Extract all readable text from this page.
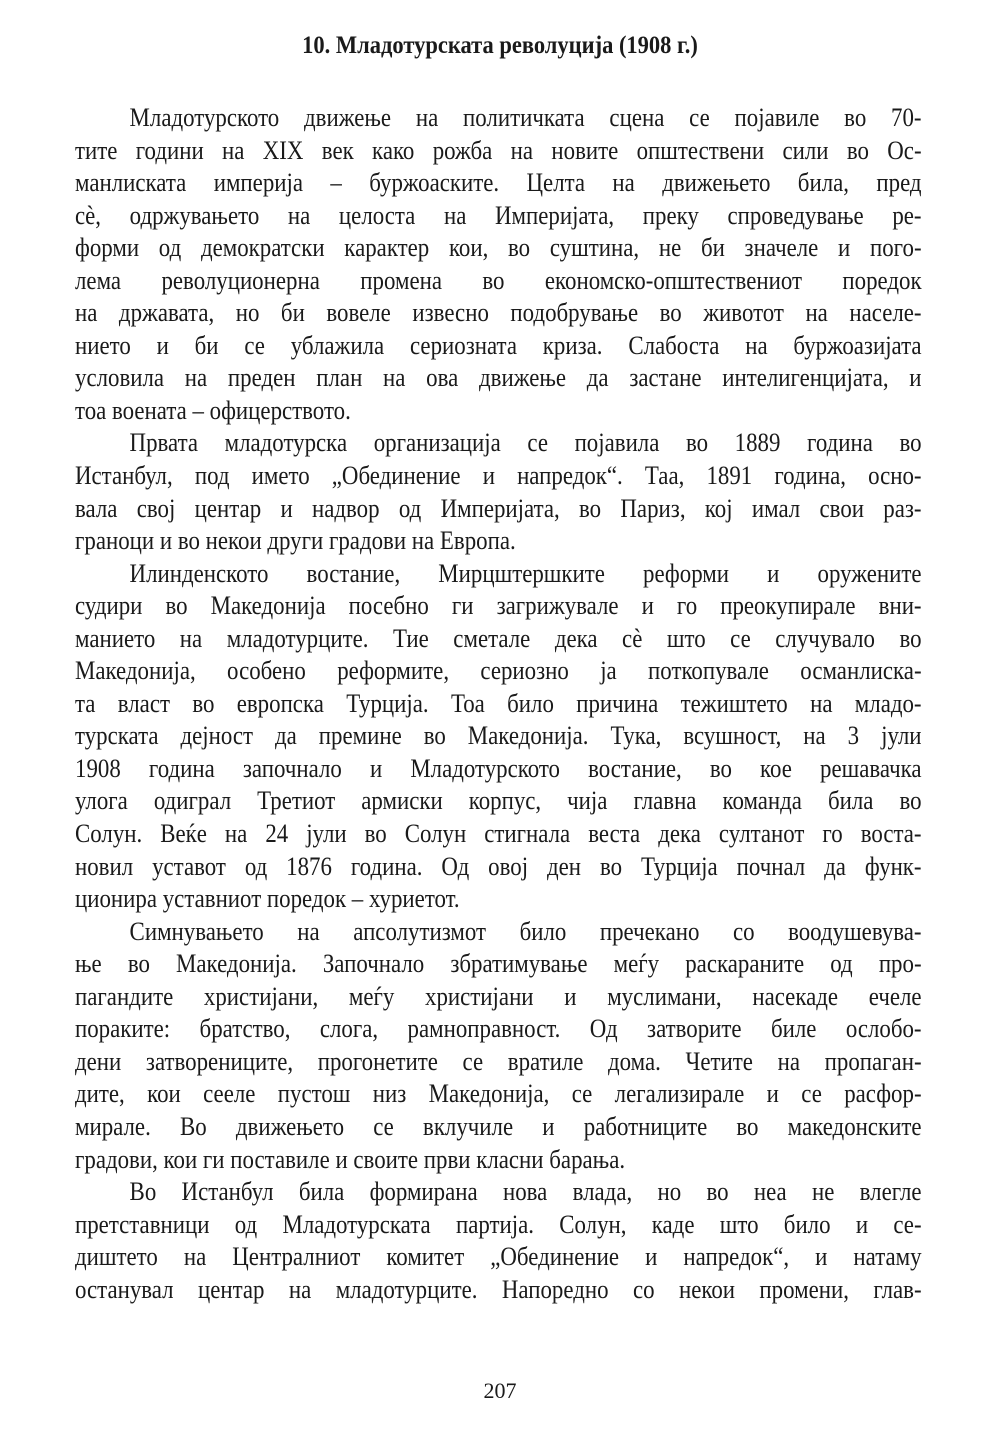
10. Младотурската револуција (1908 г.)
Младотурското движење на политичката сцена се појавиле во 70-
тите години на XIX век како рожба на новите општествени сили во Ос-
манлиската империја – буржоаските. Целта на движењето била, пред
сè, одржувањето на целоста на Империјата, преку спроведување ре-
форми од демократски карактер кои, во суштина, не би значеле и пого-
лема револуционерна промена во економско-општествениот поредок
на државата, но би вовеле извесно подобрување во животот на населе-
нието и би се ублажила сериозната криза. Слабоста на буржоазијата
условила на преден план на ова движење да застане интелигенцијата, и
тоа воената – офицерството.
Првата младотурска организација се појавила во 1889 година во
Истанбул, под името „Обединение и напредок“. Таа, 1891 година, осно-
вала свој центар и надвор од Империјата, во Париз, кој имал свои раз-
граноци и во некои други градови на Европа.
Илинденското востание, Мирцштершките реформи и оружените
судири во Македонија посебно ги загрижувале и го преокупирале вни-
манието на младотурците. Тие сметале дека сè што се случувало во
Македонија, особено реформите, сериозно ја поткопувале османлиска-
та власт во европска Турција. Тоа било причина тежиштето на младо-
турската дејност да премине во Македонија. Тука, всушност, на 3 јули
1908 година започнало и Младотурското востание, во кое решавачка
улога одиграл Третиот армиски корпус, чија главна команда била во
Солун. Веќе на 24 јули во Солун стигнала веста дека султанот го воста-
новил уставот од 1876 година. Од овој ден во Турција почнал да функ-
ционира уставниот поредок – хуриетот.
Симнувањето на апсолутизмот било пречекано со воодушевува-
ње во Македонија. Започнало збратимување меѓу раскараните од про-
пагандите христијани, меѓу христијани и муслимани, насекаде ечеле
пораките: братство, слога, рамноправност. Од затворите биле ослобо-
дени затворениците, прогонетите се вратиле дома. Четите на пропаган-
дите, кои сееле пустош низ Македонија, се легализирале и се расфор-
мирале. Во движењето се вклучиле и работниците во македонските
градови, кои ги поставиле и своите први класни барања.
Во Истанбул била формирана нова влада, но во неа не влегле
претставници од Младотурската партија. Солун, каде што било и се-
диштето на Централниот комитет „Обединение и напредок“, и натаму
останувал центар на младотурците. Напоредно со некои промени, глав-
207
